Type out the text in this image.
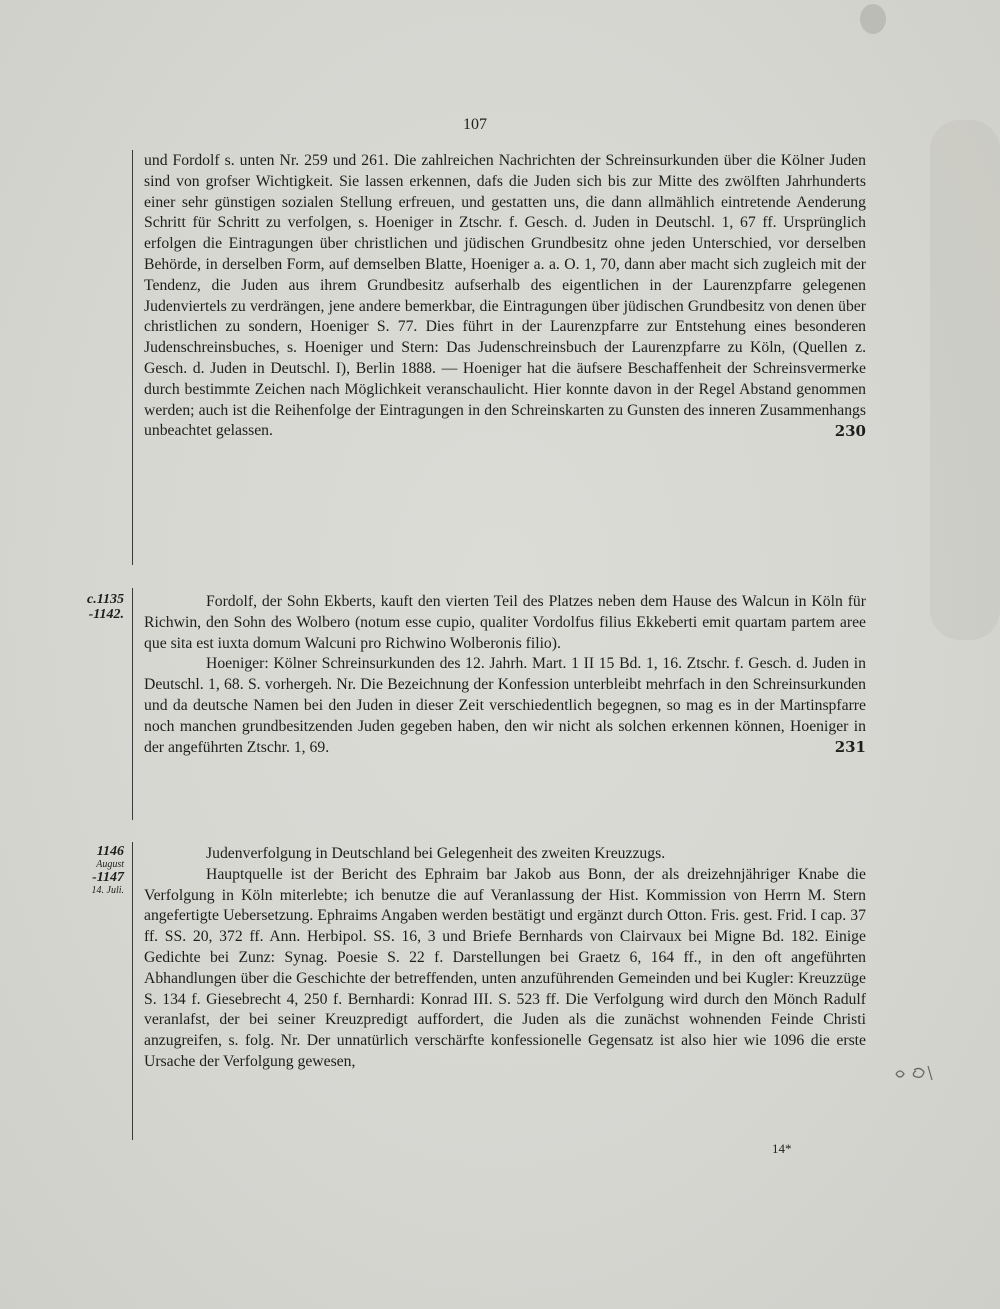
107

und Fordolf s. unten Nr. 259 und 261. Die zahlreichen Nachrichten der Schreinsurkunden über die Kölner Juden sind von grofser Wichtigkeit. Sie lassen erkennen, dafs die Juden sich bis zur Mitte des zwölften Jahrhunderts einer sehr günstigen sozialen Stellung erfreuen, und gestatten uns, die dann allmählich eintretende Aenderung Schritt für Schritt zu verfolgen, s. Hoeniger in Ztschr. f. Gesch. d. Juden in Deutschl. 1, 67 ff. Ursprünglich erfolgen die Eintragungen über christlichen und jüdischen Grundbesitz ohne jeden Unterschied, vor derselben Behörde, in derselben Form, auf demselben Blatte, Hoeniger a. a. O. 1, 70, dann aber macht sich zugleich mit der Tendenz, die Juden aus ihrem Grundbesitz aufserhalb des eigentlichen in der Laurenzpfarre gelegenen Judenviertels zu verdrängen, jene andere bemerkbar, die Eintragungen über jüdischen Grundbesitz von denen über christlichen zu sondern, Hoeniger S. 77. Dies führt in der Laurenzpfarre zur Entstehung eines besonderen Judenschreinsbuches, s. Hoeniger und Stern: Das Judenschreinsbuch der Laurenzpfarre zu Köln, (Quellen z. Gesch. d. Juden in Deutschl. I), Berlin 1888. — Hoeniger hat die äufsere Beschaffenheit der Schreinsvermerke durch bestimmte Zeichen nach Möglichkeit veranschaulicht. Hier konnte davon in der Regel Abstand genommen werden; auch ist die Reihenfolge der Eintragungen in den Schreinskarten zu Gunsten des inneren Zusammenhangs unbeachtet gelassen.	230
c.1135
-1142.

Fordolf, der Sohn Ekberts, kauft den vierten Teil des Platzes neben dem Hause des Walcun in Köln für Richwin, den Sohn des Wolbero (notum esse cupio, qualiter Vordolfus filius Ekkeberti emit quartam partem aree que sita est iuxta domum Walcuni pro Richwino Wolberonis filio).

Hoeniger: Kölner Schreinsurkunden des 12. Jahrh. Mart. 1 II 15 Bd. 1, 16. Ztschr. f. Gesch. d. Juden in Deutschl. 1, 68. S. vorhergeh. Nr. Die Bezeichnung der Konfession unterbleibt mehrfach in den Schreinsurkunden und da deutsche Namen bei den Juden in dieser Zeit verschiedentlich begegnen, so mag es in der Martinspfarre noch manchen grundbesitzenden Juden gegeben haben, den wir nicht als solchen erkennen können, Hoeniger in der angeführten Ztschr. 1, 69.	231
1146
August
-1147
14. Juli.

Judenverfolgung in Deutschland bei Gelegenheit des zweiten Kreuzzugs.

Hauptquelle ist der Bericht des Ephraim bar Jakob aus Bonn, der als dreizehnjähriger Knabe die Verfolgung in Köln miterlebte; ich benutze die auf Veranlassung der Hist. Kommission von Herrn M. Stern angefertigte Uebersetzung. Ephraims Angaben werden bestätigt und ergänzt durch Otton. Fris. gest. Frid. I cap. 37 ff. SS. 20, 372 ff. Ann. Herbipol. SS. 16, 3 und Briefe Bernhards von Clairvaux bei Migne Bd. 182. Einige Gedichte bei Zunz: Synag. Poesie S. 22 f. Darstellungen bei Graetz 6, 164 ff., in den oft angeführten Abhandlungen über die Geschichte der betreffenden, unten anzuführenden Gemeinden und bei Kugler: Kreuzzüge S. 134 f. Giesebrecht 4, 250 f. Bernhardi: Konrad III. S. 523 ff. Die Verfolgung wird durch den Mönch Radulf veranlafst, der bei seiner Kreuzpredigt auffordert, die Juden als die zunächst wohnenden Feinde Christi anzugreifen, s. folg. Nr. Der unnatürlich verschärfte konfessionelle Gegensatz ist also hier wie 1096 die erste Ursache der Verfolgung gewesen,

14*
